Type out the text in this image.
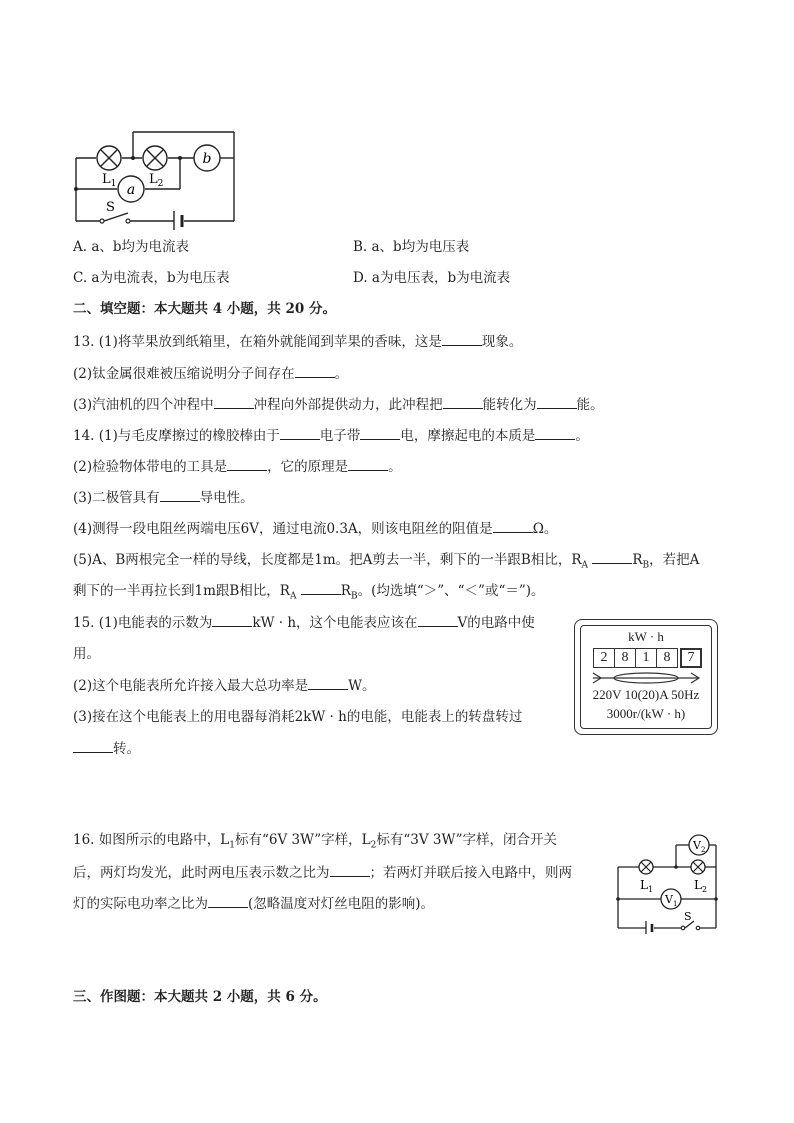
b
a
$L_1$	$L_2$
S
A. a、b均为电流表	B. a、b均为电压表
C. a为电流表，b为电压表	D. a为电压表，b为电流表
二、填空题：本大题共 4 小题，共 20 分。
13. (1)将苹果放到纸箱里，在箱外就能闻到苹果的香味，这是	现象。
(2)钛金属很难被压缩说明分子间存在	。
(3)汽油机的四个冲程中	冲程向外部提供动力，此冲程把	能转化为	能。
14. (1)与毛皮摩擦过的橡胶棒由于	电子带	电，摩擦起电的本质是	。
(2)检验物体带电的工具是	，它的原理是	。
(3)二极管具有	导电性。
(4)测得一段电阻丝两端电压6V，通过电流0.3A，则该电阻丝的阻值是	Ω。
(5)A、B两根完全一样的导线，长度都是1m。把A剪去一半，剩下的一半跟B相比，$R_A$	$R_B$，若把A
剩下的一半再拉长到1m跟B相比，$R_A$	$R_B$。(均选填“＞”、“＜”或“＝”)。
15. (1)电能表的示数为	kW · h，这个电能表应该在	V的电路中使
用。
(2)这个电能表所允许接入最大总功率是	W。
(3)接在这个电能表上的用电器每消耗2kW · h的电能，电能表上的转盘转过
转。
kW · h
2	8	1	8	7
220V 10(20)A 50Hz
3000r/(kW · h)
16. 如图所示的电路中，$L_1$标有“6V 3W”字样，$L_2$标有“3V 3W”字样，闭合开关
后，两灯均发光，此时两电压表示数之比为	；若两灯并联后接入电路中，则两
灯的实际电功率之比为	(忽略温度对灯丝电阻的影响)。
$V_2$
$V_1$
$L_1$	$L_2$
S
三、作图题：本大题共 2 小题，共 6 分。
